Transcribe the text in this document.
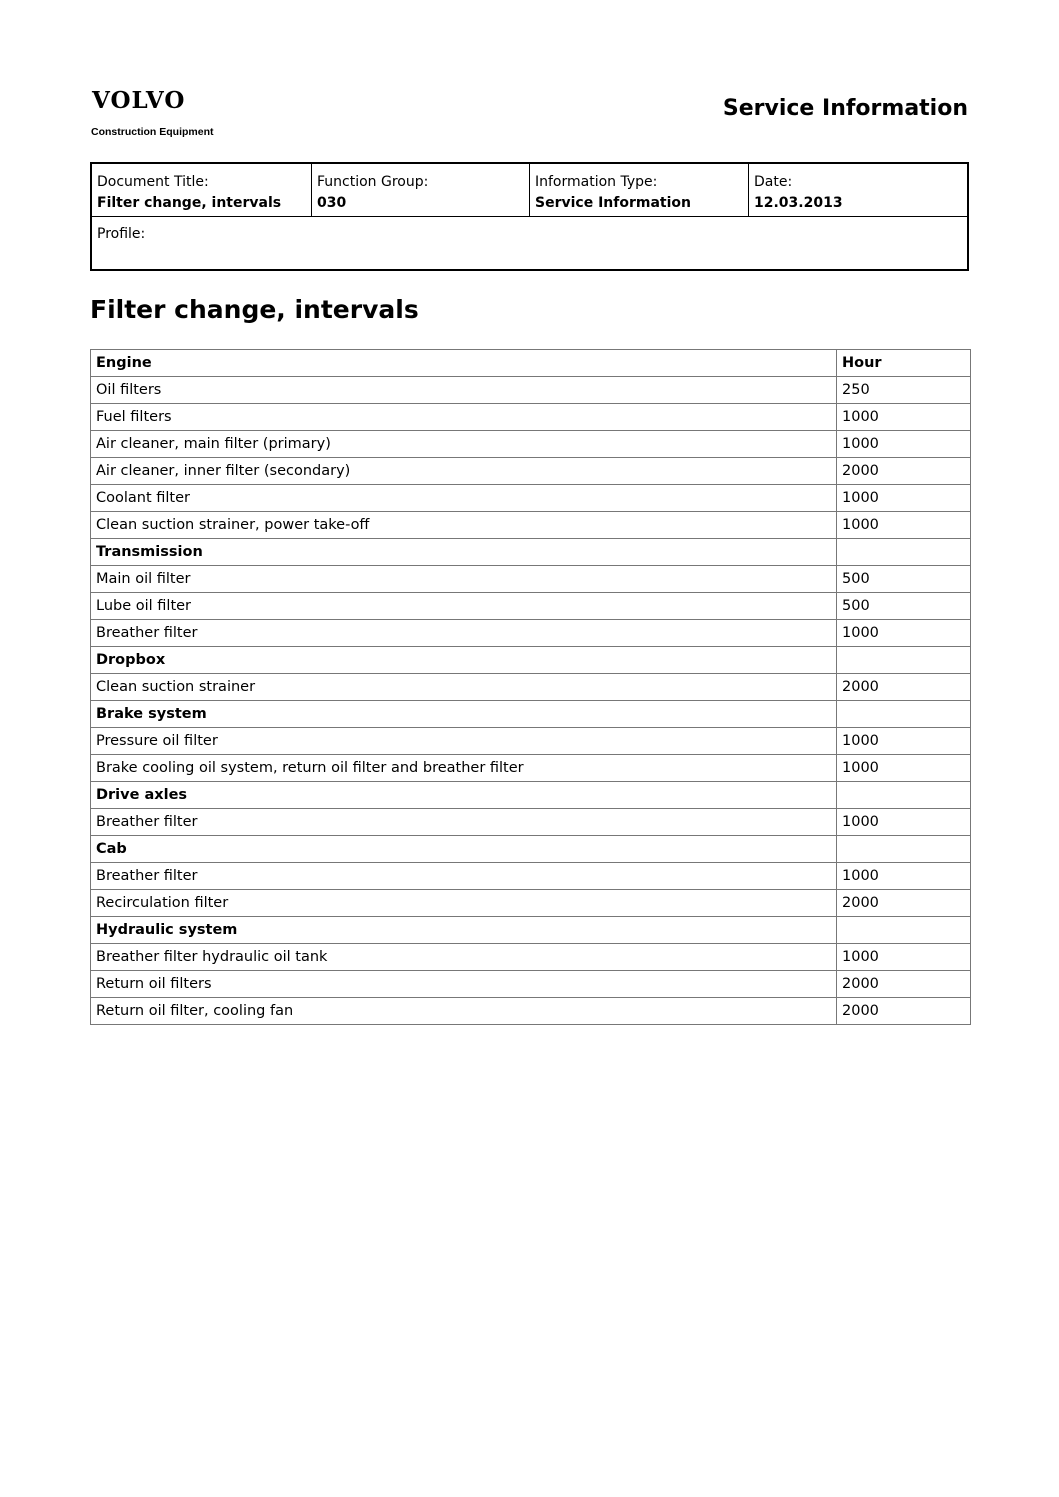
VOLVO
Construction Equipment
Service Information
Document Title:
Filter change, intervals
Function Group:
030
Information Type:
Service Information
Date:
12.03.2013
Profile:
Filter change, intervals
Engine	Hour
Oil filters	250
Fuel filters	1000
Air cleaner, main filter (primary)	1000
Air cleaner, inner filter (secondary)	2000
Coolant filter	1000
Clean suction strainer, power take-off	1000
Transmission	
Main oil filter	500
Lube oil filter	500
Breather filter	1000
Dropbox	
Clean suction strainer	2000
Brake system	
Pressure oil filter	1000
Brake cooling oil system, return oil filter and breather filter	1000
Drive axles	
Breather filter	1000
Cab	
Breather filter	1000
Recirculation filter	2000
Hydraulic system	
Breather filter hydraulic oil tank	1000
Return oil filters	2000
Return oil filter, cooling fan	2000
